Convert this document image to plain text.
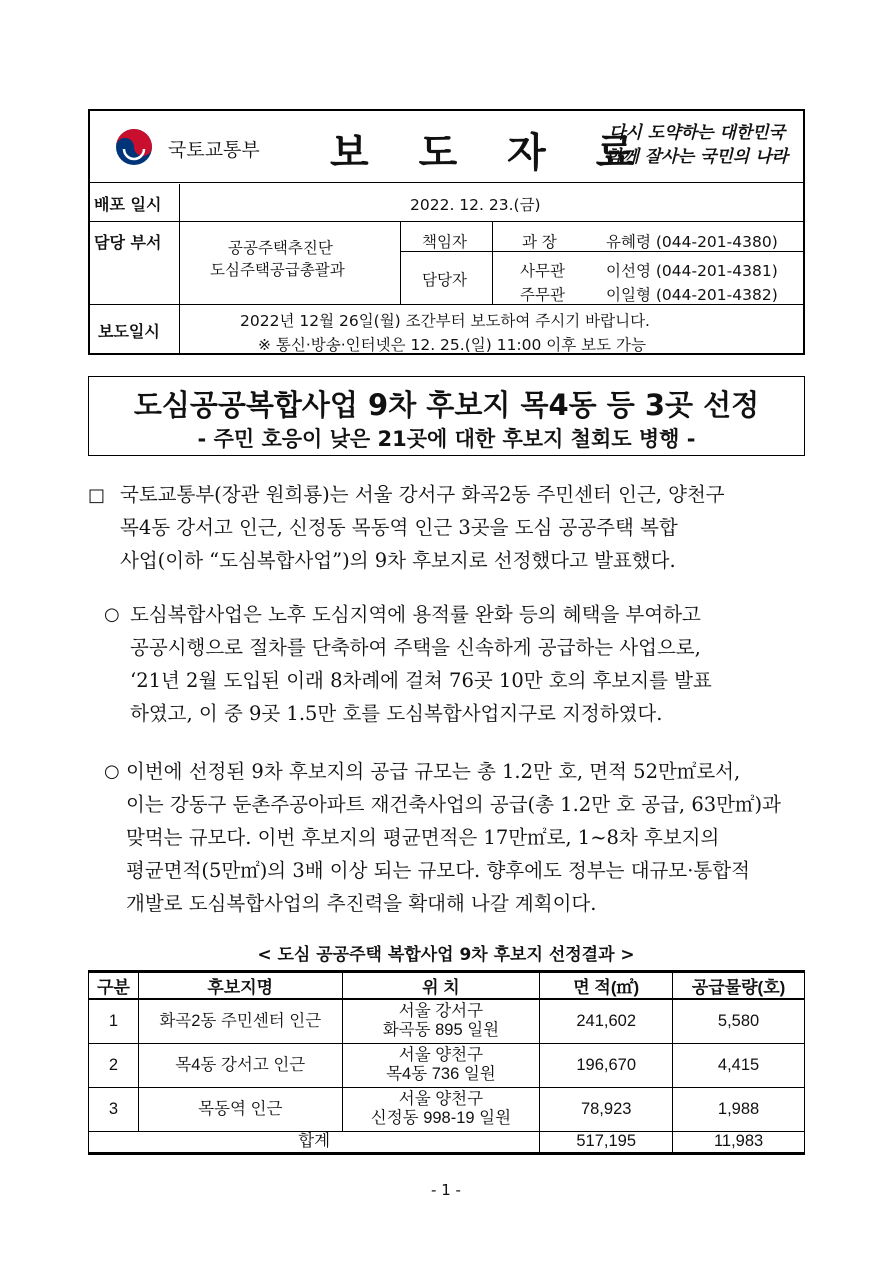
국토교통부 보 도 자 료
다시 도약하는 대한민국
함께 잘사는 국민의 나라
배포 일시	2022. 12. 23.(금)
담당 부서	공공주택추진단
도심주택공급총괄과
책임자	과 장	유혜령 (044-201-4380)
담당자	사무관	이선영 (044-201-4381)
주무관	이일형 (044-201-4382)
보도일시
2022년 12월 26일(월) 조간부터 보도하여 주시기 바랍니다.
※ 통신·방송·인터넷은 12. 25.(일) 11:00 이후 보도 가능
도심공공복합사업 9차 후보지 목4동 등 3곳 선정
- 주민 호응이 낮은 21곳에 대한 후보지 철회도 병행 -
□ 국토교통부(장관 원희룡)는 서울 강서구 화곡2동 주민센터 인근, 양천구
목4동 강서고 인근, 신정동 목동역 인근 3곳을 도심 공공주택 복합
사업(이하 “도심복합사업”)의 9차 후보지로 선정했다고 발표했다.
○ 도심복합사업은 노후 도심지역에 용적률 완화 등의 혜택을 부여하고
공공시행으로 절차를 단축하여 주택을 신속하게 공급하는 사업으로,
‘21년 2월 도입된 이래 8차례에 걸쳐 76곳 10만 호의 후보지를 발표
하였고, 이 중 9곳 1.5만 호를 도심복합사업지구로 지정하였다.
○ 이번에 선정된 9차 후보지의 공급 규모는 총 1.2만 호, 면적 52만㎡로서,
이는 강동구 둔촌주공아파트 재건축사업의 공급(총 1.2만 호 공급, 63만㎡)과
맞먹는 규모다. 이번 후보지의 평균면적은 17만㎡로, 1~8차 후보지의
평균면적(5만㎡)의 3배 이상 되는 규모다. 향후에도 정부는 대규모·통합적
개발로 도심복합사업의 추진력을 확대해 나갈 계획이다.
< 도심 공공주택 복합사업 9차 후보지 선정결과 >
구분	후보지명	위 치	면 적(㎡)	공급물량(호)
1	화곡2동 주민센터 인근	서울 강서구
화곡동 895 일원	241,602	5,580
2	목4동 강서고 인근	서울 양천구
목4동 736 일원	196,670	4,415
3	목동역 인근	서울 양천구
신정동 998-19 일원	78,923	1,988
합계			517,195	11,983
- 1 -
